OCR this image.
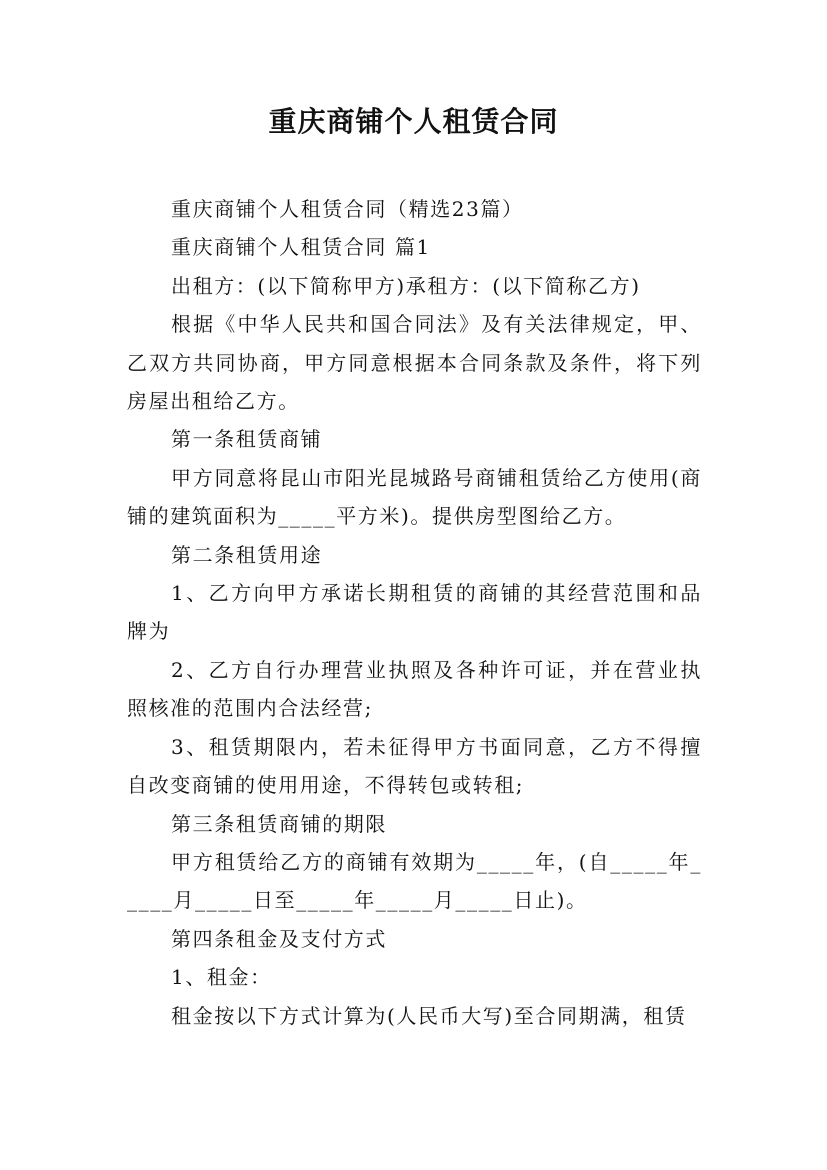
重庆商铺个人租赁合同

重庆商铺个人租赁合同（精选23篇）

重庆商铺个人租赁合同 篇1

出租方：(以下简称甲方)承租方：(以下简称乙方)

根据《中华人民共和国合同法》及有关法律规定，甲、乙双方共同协商，甲方同意根据本合同条款及条件，将下列房屋出租给乙方。

第一条租赁商铺

甲方同意将昆山市阳光昆城路号商铺租赁给乙方使用(商铺的建筑面积为_____平方米)。提供房型图给乙方。

第二条租赁用途

1、乙方向甲方承诺长期租赁的商铺的其经营范围和品牌为

2、乙方自行办理营业执照及各种许可证，并在营业执照核准的范围内合法经营;

3、租赁期限内，若未征得甲方书面同意，乙方不得擅自改变商铺的使用用途，不得转包或转租;

第三条租赁商铺的期限

甲方租赁给乙方的商铺有效期为_____年，(自_____年_____月_____日至_____年_____月_____日止)。

第四条租金及支付方式

1、租金：

租金按以下方式计算为(人民币大写)至合同期满，租赁
